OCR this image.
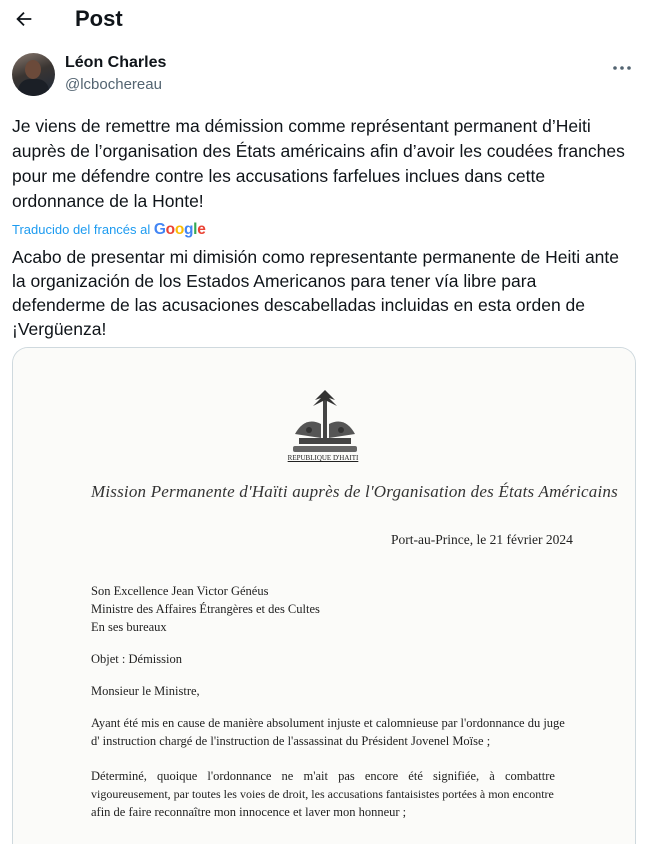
Post
Léon Charles
@lcbochereau
Je viens de remettre ma démission comme représentant permanent d’Heiti auprès de l’organisation des États américains afin d’avoir les coudées franches pour me défendre contre les accusations farfelues inclues dans cette ordonnance de la Honte!
Traducido del francés al Google
Acabo de presentar mi dimisión como representante permanente de Heiti ante la organización de los Estados Americanos para tener vía libre para defenderme de las acusaciones descabelladas incluidas en esta orden de ¡Vergüenza!
REPUBLIQUE D'HAITI
Mission Permanente d'Haïti auprès de l'Organisation des États Américains
Port-au-Prince, le 21 février 2024
Son Excellence Jean Victor Généus
Ministre des Affaires Étrangères et des Cultes
En ses bureaux
Objet : Démission
Monsieur le Ministre,
Ayant été mis en cause de manière absolument injuste et calomnieuse par l'ordonnance du juge
d' instruction chargé de l'instruction de l'assassinat du Président Jovenel Moïse ;
Déterminé, quoique l'ordonnance ne m'ait pas encore été signifiée, à combattre
vigoureusement, par toutes les voies de droit, les accusations fantaisistes portées à mon encontre
afin de faire reconnaître mon innocence et laver mon honneur ;
